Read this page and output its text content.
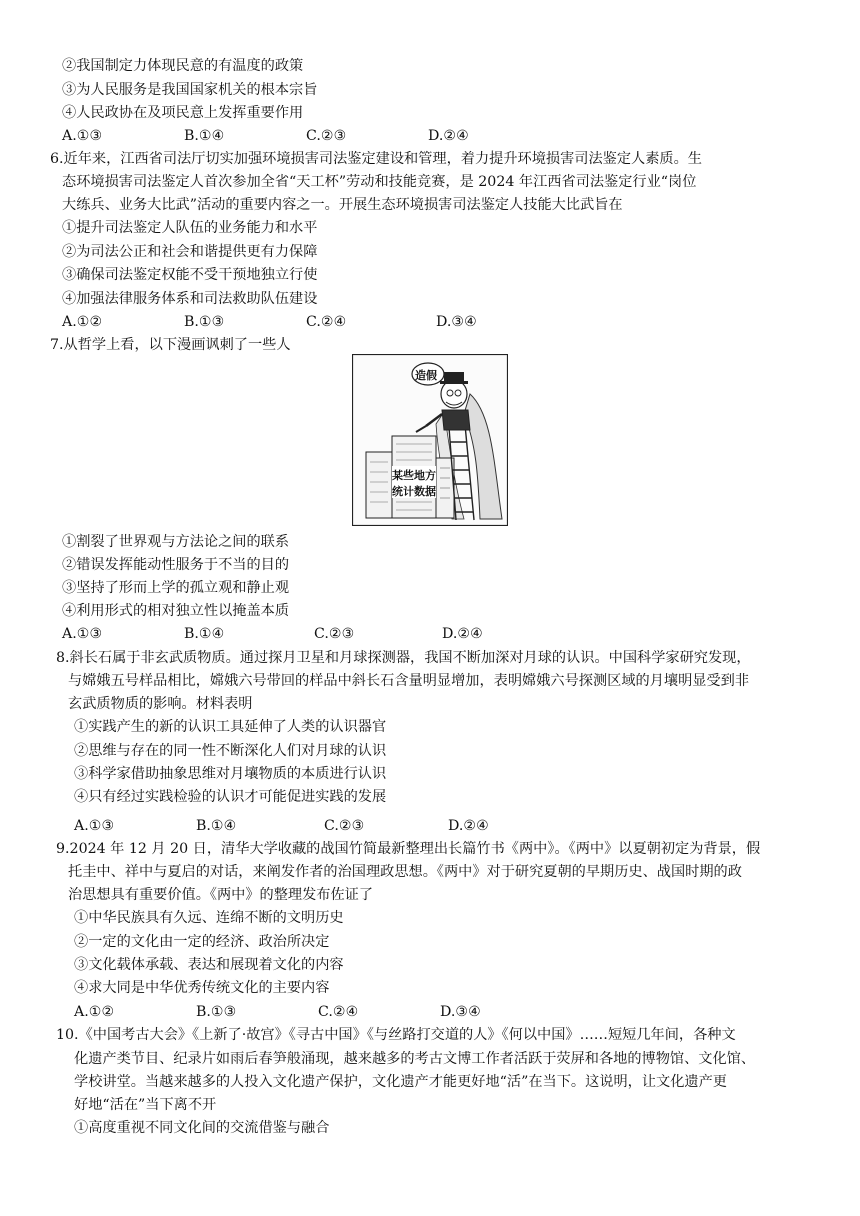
②我国制定力体现民意的有温度的政策
③为人民服务是我国国家机关的根本宗旨
④人民政协在及项民意上发挥重要作用
A.①③	B.①④	C.②③	D.②④
6.近年来，江西省司法厅切实加强环境损害司法鉴定建设和管理，着力提升环境损害司法鉴定人素质。生
态环境损害司法鉴定人首次参加全省“天工杯”劳动和技能竞赛，是 2024 年江西省司法鉴定行业“岗位
大练兵、业务大比武”活动的重要内容之一。开展生态环境损害司法鉴定人技能大比武旨在
①提升司法鉴定人队伍的业务能力和水平
②为司法公正和社会和谐提供更有力保障
③确保司法鉴定权能不受干预地独立行使
④加强法律服务体系和司法救助队伍建设
A.①②	B.①③	C.②④	D.③④
7.从哲学上看，以下漫画讽刺了一些人
造假
某些地方
统计数据
①割裂了世界观与方法论之间的联系
②错误发挥能动性服务于不当的目的
③坚持了形而上学的孤立观和静止观
④利用形式的相对独立性以掩盖本质
A.①③	B.①④	C.②③	D.②④
8.斜长石属于非玄武质物质。通过探月卫星和月球探测器，我国不断加深对月球的认识。中国科学家研究发现，
与嫦娥五号样品相比，嫦娥六号带回的样品中斜长石含量明显增加，表明嫦娥六号探测区域的月壤明显受到非
玄武质物质的影响。材料表明
①实践产生的新的认识工具延伸了人类的认识器官
②思维与存在的同一性不断深化人们对月球的认识
③科学家借助抽象思维对月壤物质的本质进行认识
④只有经过实践检验的认识才可能促进实践的发展
A.①③	B.①④	C.②③	D.②④
9.2024 年 12 月 20 日，清华大学收藏的战国竹简最新整理出长篇竹书《两中》。《两中》以夏朝初定为背景，假
托圭中、祥中与夏启的对话，来阐发作者的治国理政思想。《两中》对于研究夏朝的早期历史、战国时期的政
治思想具有重要价值。《两中》的整理发布佐证了
①中华民族具有久远、连绵不断的文明历史
②一定的文化由一定的经济、政治所决定
③文化载体承载、表达和展现着文化的内容
④求大同是中华优秀传统文化的主要内容
A.①②	B.①③	C.②④	D.③④
10.《中国考古大会》《上新了·故宫》《寻古中国》《与丝路打交道的人》《何以中国》……短短几年间，各种文
化遗产类节目、纪录片如雨后春笋般涌现，越来越多的考古文博工作者活跃于荧屏和各地的博物馆、文化馆、
学校讲堂。当越来越多的人投入文化遗产保护，文化遗产才能更好地“活”在当下。这说明，让文化遗产更
好地“活在”当下离不开
①高度重视不同文化间的交流借鉴与融合
